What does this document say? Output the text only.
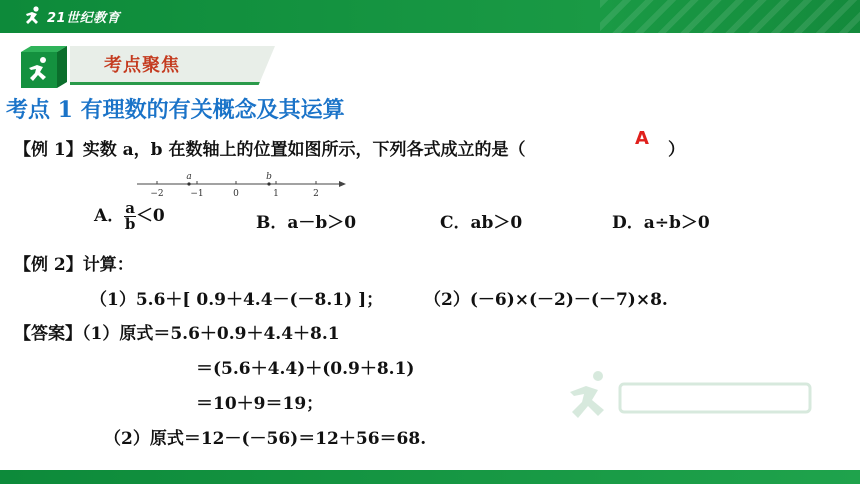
21世纪教育
考点聚焦
考点 1 有理数的有关概念及其运算
【例 1】实数 a，b 在数轴上的位置如图所示，下列各式成立的是（
A
）
−2	−1	0	1	2
a	b
A． $\frac{a}{b} <0$	B．a－b＞0	C．ab＞0	D．a÷b＞0
【例 2】计算：
（1）5.6＋[ 0.9＋4.4－(－8.1) ]； （2）(－6)×(－2)－(－7)×8.
【答案】（1）原式＝5.6＋0.9＋4.4＋8.1
＝(5.6＋4.4)＋(0.9＋8.1)
＝10＋9＝19；
（2）原式＝12－(－56)＝12＋56＝68.
